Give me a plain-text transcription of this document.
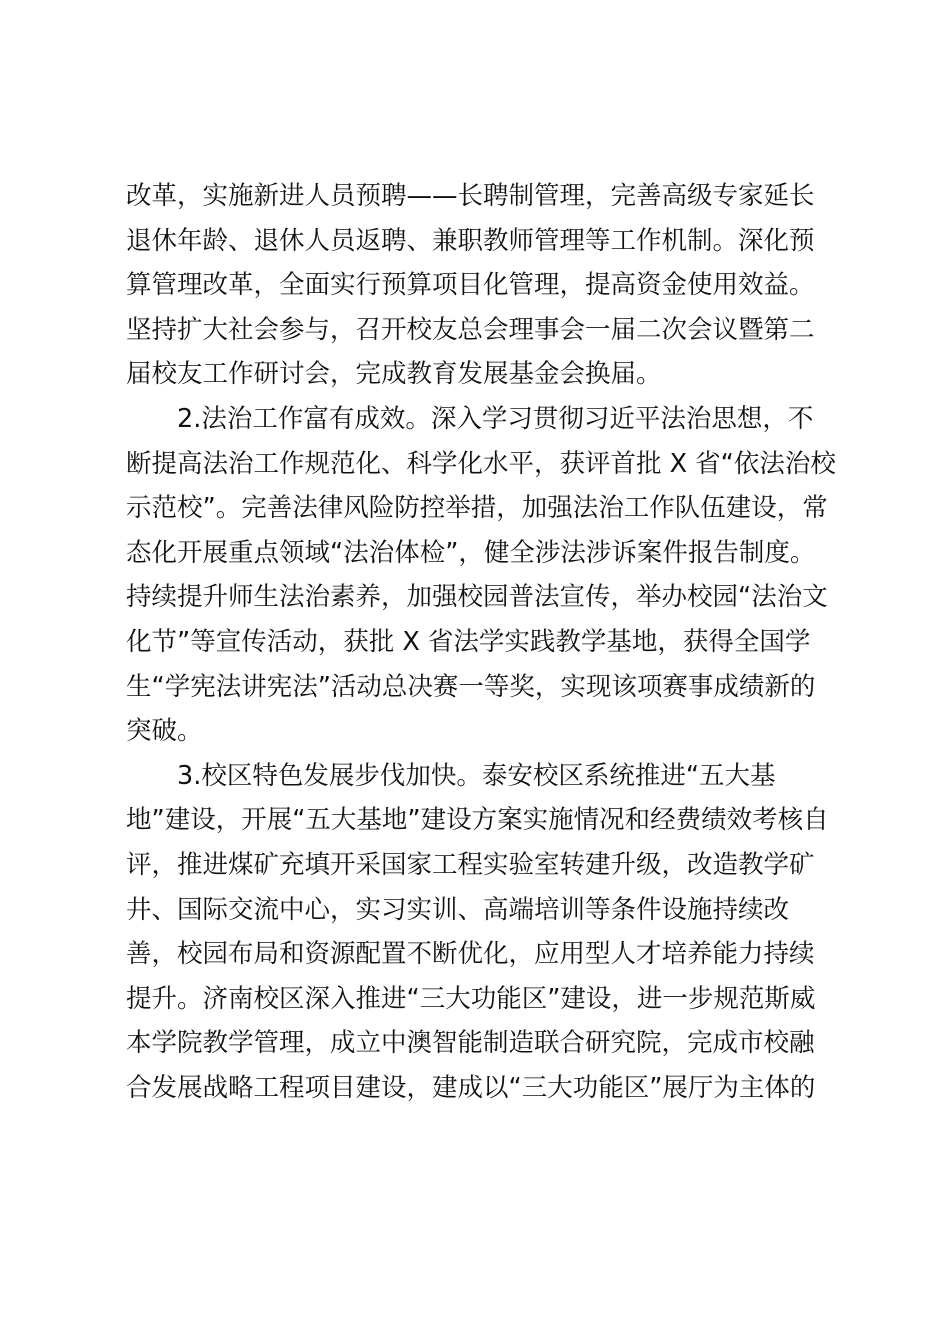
改革，实施新进人员预聘——长聘制管理，完善高级专家延长
退休年龄、退休人员返聘、兼职教师管理等工作机制。深化预
算管理改革，全面实行预算项目化管理，提高资金使用效益。
坚持扩大社会参与，召开校友总会理事会一届二次会议暨第二
届校友工作研讨会，完成教育发展基金会换届。
2.法治工作富有成效。深入学习贯彻习近平法治思想，不
断提高法治工作规范化、科学化水平，获评首批 X 省“依法治校
示范校”。完善法律风险防控举措，加强法治工作队伍建设，常
态化开展重点领域“法治体检”，健全涉法涉诉案件报告制度。
持续提升师生法治素养，加强校园普法宣传，举办校园“法治文
化节”等宣传活动，获批 X 省法学实践教学基地，获得全国学
生“学宪法讲宪法”活动总决赛一等奖，实现该项赛事成绩新的
突破。
3.校区特色发展步伐加快。泰安校区系统推进“五大基
地”建设，开展“五大基地”建设方案实施情况和经费绩效考核自
评，推进煤矿充填开采国家工程实验室转建升级，改造教学矿
井、国际交流中心，实习实训、高端培训等条件设施持续改
善，校园布局和资源配置不断优化，应用型人才培养能力持续
提升。济南校区深入推进“三大功能区”建设，进一步规范斯威
本学院教学管理，成立中澳智能制造联合研究院，完成市校融
合发展战略工程项目建设，建成以“三大功能区”展厅为主体的
